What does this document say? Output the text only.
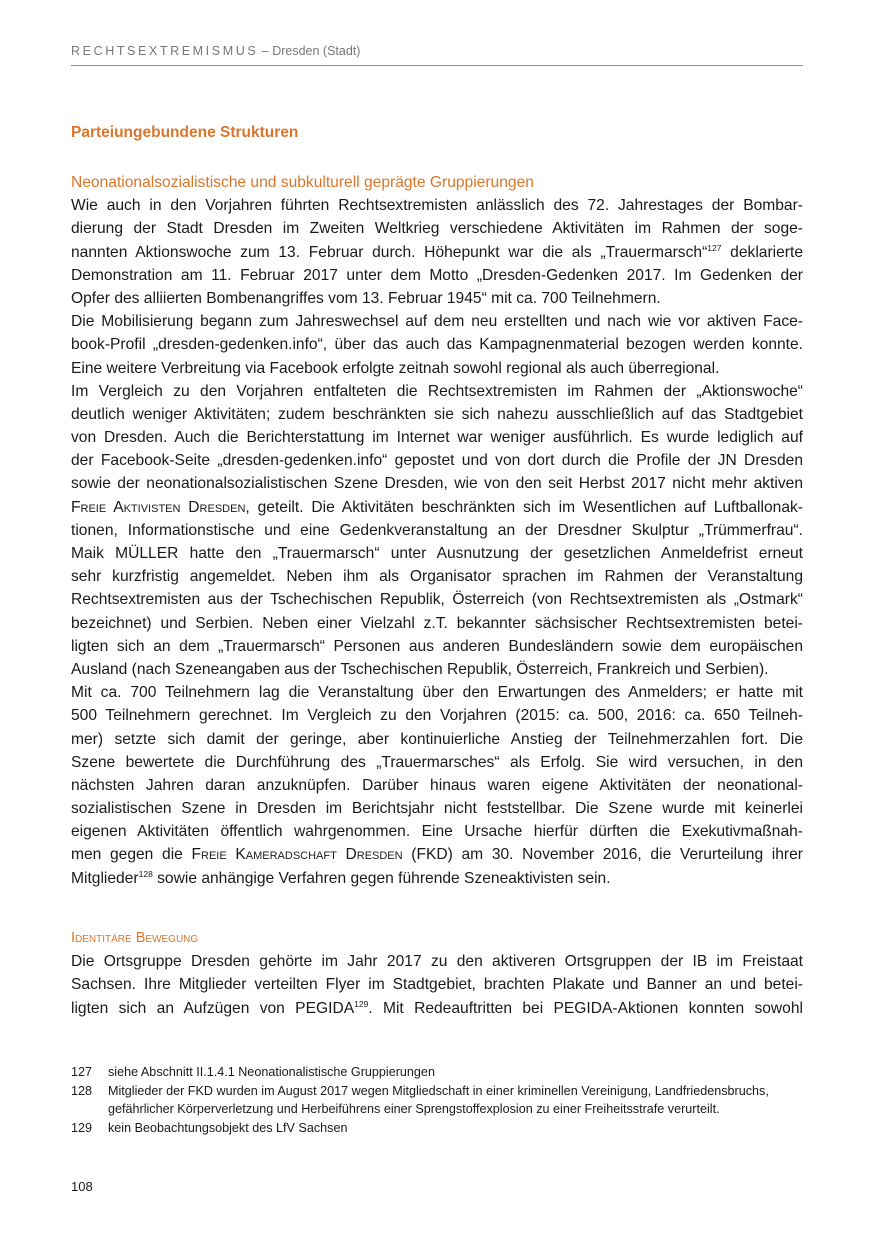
RECHTSEXTREMISMUS – Dresden (Stadt)
Parteiungebundene Strukturen
Neonationalsozialistische und subkulturell geprägte Gruppierungen
Wie auch in den Vorjahren führten Rechtsextremisten anlässlich des 72. Jahrestages der Bombar-
dierung der Stadt Dresden im Zweiten Weltkrieg verschiedene Aktivitäten im Rahmen der soge-
nannten Aktionswoche zum 13. Februar durch. Höhepunkt war die als „Trauermarsch“$^{127}$ deklarierte
Demonstration am 11. Februar 2017 unter dem Motto „Dresden-Gedenken 2017. Im Gedenken der
Opfer des alliierten Bombenangriffes vom 13. Februar 1945“ mit ca. 700 Teilnehmern.
Die Mobilisierung begann zum Jahreswechsel auf dem neu erstellten und nach wie vor aktiven Face-
book-Profil „dresden-gedenken.info“, über das auch das Kampagnenmaterial bezogen werden konnte.
Eine weitere Verbreitung via Facebook erfolgte zeitnah sowohl regional als auch überregional.
Im Vergleich zu den Vorjahren entfalteten die Rechtsextremisten im Rahmen der „Aktionswoche“
deutlich weniger Aktivitäten; zudem beschränkten sie sich nahezu ausschließlich auf das Stadtgebiet
von Dresden. Auch die Berichterstattung im Internet war weniger ausführlich. Es wurde lediglich auf
der Facebook-Seite „dresden-gedenken.info“ gepostet und von dort durch die Profile der JN Dresden
sowie der neonationalsozialistischen Szene Dresden, wie von den seit Herbst 2017 nicht mehr aktiven
Freie Aktivisten Dresden, geteilt. Die Aktivitäten beschränkten sich im Wesentlichen auf Luftballonak-
tionen, Informationstische und eine Gedenkveranstaltung an der Dresdner Skulptur „Trümmerfrau“.
Maik MÜLLER hatte den „Trauermarsch“ unter Ausnutzung der gesetzlichen Anmeldefrist erneut
sehr kurzfristig angemeldet. Neben ihm als Organisator sprachen im Rahmen der Veranstaltung
Rechtsextremisten aus der Tschechischen Republik, Österreich (von Rechtsextremisten als „Ostmark“
bezeichnet) und Serbien. Neben einer Vielzahl z.T. bekannter sächsischer Rechtsextremisten betei-
ligten sich an dem „Trauermarsch“ Personen aus anderen Bundesländern sowie dem europäischen
Ausland (nach Szeneangaben aus der Tschechischen Republik, Österreich, Frankreich und Serbien).
Mit ca. 700 Teilnehmern lag die Veranstaltung über den Erwartungen des Anmelders; er hatte mit
500 Teilnehmern gerechnet. Im Vergleich zu den Vorjahren (2015: ca. 500, 2016: ca. 650 Teilneh-
mer) setzte sich damit der geringe, aber kontinuierliche Anstieg der Teilnehmerzahlen fort. Die
Szene bewertete die Durchführung des „Trauermarsches“ als Erfolg. Sie wird versuchen, in den
nächsten Jahren daran anzuknüpfen. Darüber hinaus waren eigene Aktivitäten der neonational-
sozialistischen Szene in Dresden im Berichtsjahr nicht feststellbar. Die Szene wurde mit keinerlei
eigenen Aktivitäten öffentlich wahrgenommen. Eine Ursache hierfür dürften die Exekutivmaßnah-
men gegen die Freie Kameradschaft Dresden (FKD) am 30. November 2016, die Verurteilung ihrer
Mitglieder$^{128}$ sowie anhängige Verfahren gegen führende Szeneaktivisten sein.
Identitäre Bewegung
Die Ortsgruppe Dresden gehörte im Jahr 2017 zu den aktiveren Ortsgruppen der IB im Freistaat
Sachsen. Ihre Mitglieder verteilten Flyer im Stadtgebiet, brachten Plakate und Banner an und betei-
ligten sich an Aufzügen von PEGIDA$^{129}$. Mit Redeauftritten bei PEGIDA-Aktionen konnten sowohl
127	siehe Abschnitt II.1.4.1 Neonationalistische Gruppierungen
128	Mitglieder der FKD wurden im August 2017 wegen Mitgliedschaft in einer kriminellen Vereinigung, Landfriedensbruchs, gefährlicher Körperverletzung und Herbeiführens einer Sprengstoffexplosion zu einer Freiheitsstrafe verurteilt.
129	kein Beobachtungsobjekt des LfV Sachsen
108
